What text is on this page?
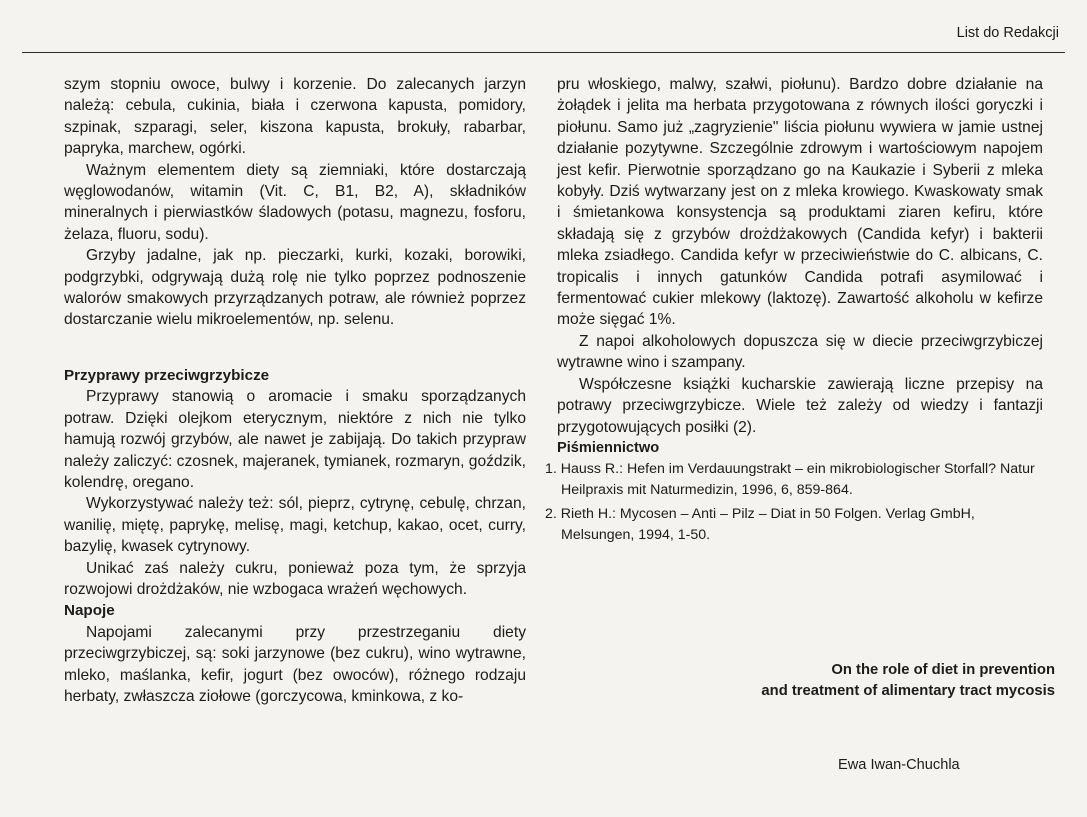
List do Redakcji

szym stopniu owoce, bulwy i korzenie. Do zalecanych jarzyn należą: cebula, cukinia, biała i czerwona kapusta, pomidory, szpinak, szparagi, seler, kiszona kapusta, brokuły, rabarbar, papryka, marchew, ogórki.

Ważnym elementem diety są ziemniaki, które dostarczają węglowodanów, witamin (Vit. C, B1, B2, A), składników mineralnych i pierwiastków śladowych (potasu, magnezu, fosforu, żelaza, fluoru, sodu).

Grzyby jadalne, jak np. pieczarki, kurki, kozaki, borowiki, podgrzybki, odgrywają dużą rolę nie tylko poprzez podnoszenie walorów smakowych przyrządzanych potraw, ale również poprzez dostarczanie wielu mikroelementów, np. selenu.

Przyprawy przeciwgrzybicze

Przyprawy stanowią o aromacie i smaku sporządzanych potraw. Dzięki olejkom eterycznym, niektóre z nich nie tylko hamują rozwój grzybów, ale nawet je zabijają. Do takich przypraw należy zaliczyć: czosnek, majeranek, tymianek, rozmaryn, goździk, kolendrę, oregano.

Wykorzystywać należy też: sól, pieprz, cytrynę, cebulę, chrzan, wanilię, miętę, paprykę, melisę, magi, ketchup, kakao, ocet, curry, bazylię, kwasek cytrynowy.

Unikać zaś należy cukru, ponieważ poza tym, że sprzyja rozwojowi drożdżaków, nie wzbogaca wrażeń węchowych.

Napoje

Napojami zalecanymi przy przestrzeganiu diety przeciwgrzybiczej, są: soki jarzynowe (bez cukru), wino wytrawne, mleko, maślanka, kefir, jogurt (bez owoców), różnego rodzaju herbaty, zwłaszcza ziołowe (gorczycowa, kminkowa, z ko-

pru włoskiego, malwy, szałwi, piołunu). Bardzo dobre działanie na żołądek i jelita ma herbata przygotowana z równych ilości goryczki i piołunu. Samo już „zagryzienie" liścia piołunu wywiera w jamie ustnej działanie pozytywne. Szczególnie zdrowym i wartościowym napojem jest kefir. Pierwotnie sporządzano go na Kaukazie i Syberii z mleka kobyły. Dziś wytwarzany jest on z mleka krowiego. Kwaskowaty smak i śmietankowa konsystencja są produktami ziaren kefiru, które składają się z grzybów drożdżakowych (Candida kefyr) i bakterii mleka zsiadłego. Candida kefyr w przeciwieństwie do C. albicans, C. tropicalis i innych gatunków Candida potrafi asymilować i fermentować cukier mlekowy (laktozę). Zawartość alkoholu w kefirze może sięgać 1%.

Z napoi alkoholowych dopuszcza się w diecie przeciwgrzybiczej wytrawne wino i szampany.

Współczesne książki kucharskie zawierają liczne przepisy na potrawy przeciwgrzybicze. Wiele też zależy od wiedzy i fantazji przygotowujących posiłki (2).

Piśmiennictwo

1. Hauss R.: Hefen im Verdauungstrakt – ein mikrobiologischer Storfall? Natur Heilpraxis mit Naturmedizin, 1996, 6, 859-864.

2. Rieth H.: Mycosen – Anti – Pilz – Diat in 50 Folgen. Verlag GmbH, Melsungen, 1994, 1-50.

On the role of diet in prevention
and treatment of alimentary tract mycosis
Ewa Iwan-Chuchla
